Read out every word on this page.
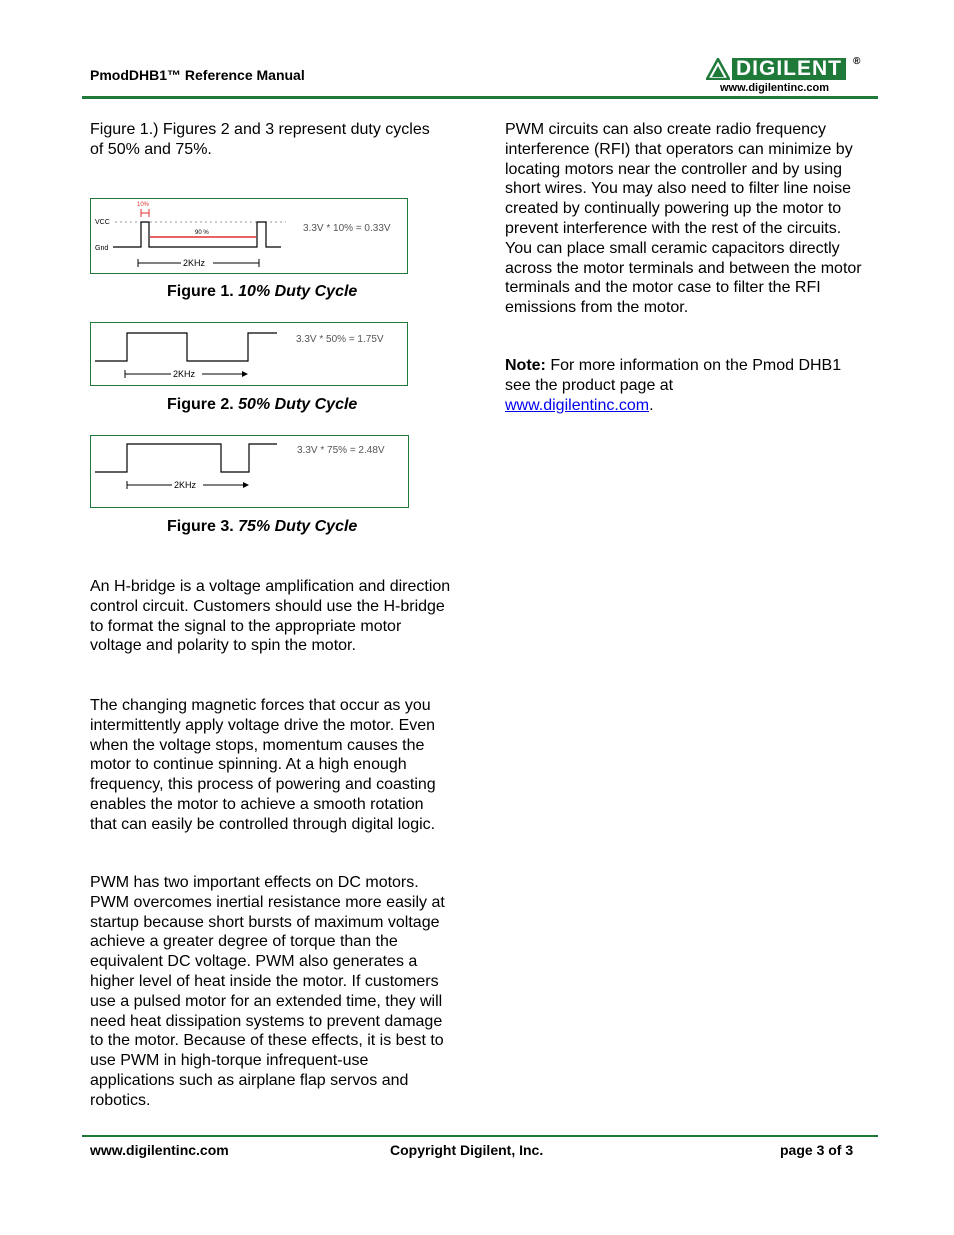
PmodDHB1™ Reference Manual	DIGILENT	®
www.digilentinc.com

Figure 1.) Figures 2 and 3 represent duty cycles of 50% and 75%.

VCC
Gnd
10%
90 %
2KHz
3.3V * 10% = 0.33V
Figure 1. 10% Duty Cycle
2KHz
3.3V * 50% = 1.75V
Figure 2. 50% Duty Cycle
2KHz
3.3V * 75% = 2.48V
Figure 3. 75% Duty Cycle

An H-bridge is a voltage amplification and direction control circuit. Customers should use the H-bridge to format the signal to the appropriate motor voltage and polarity to spin the motor.

The changing magnetic forces that occur as you intermittently apply voltage drive the motor. Even when the voltage stops, momentum causes the motor to continue spinning. At a high enough frequency, this process of powering and coasting enables the motor to achieve a smooth rotation that can easily be controlled through digital logic.

PWM has two important effects on DC motors. PWM overcomes inertial resistance more easily at startup because short bursts of maximum voltage achieve a greater degree of torque than the equivalent DC voltage. PWM also generates a higher level of heat inside the motor. If customers use a pulsed motor for an extended time, they will need heat dissipation systems to prevent damage to the motor. Because of these effects, it is best to use PWM in high-torque infrequent-use applications such as airplane flap servos and robotics.

PWM circuits can also create radio frequency interference (RFI) that operators can minimize by locating motors near the controller and by using short wires. You may also need to filter line noise created by continually powering up the motor to prevent interference with the rest of the circuits. You can place small ceramic capacitors directly across the motor terminals and between the motor terminals and the motor case to filter the RFI emissions from the motor.

Note: For more information on the Pmod DHB1 see the product page at
www.digilentinc.com.

www.digilentinc.com	Copyright Digilent, Inc.	page 3 of 3
